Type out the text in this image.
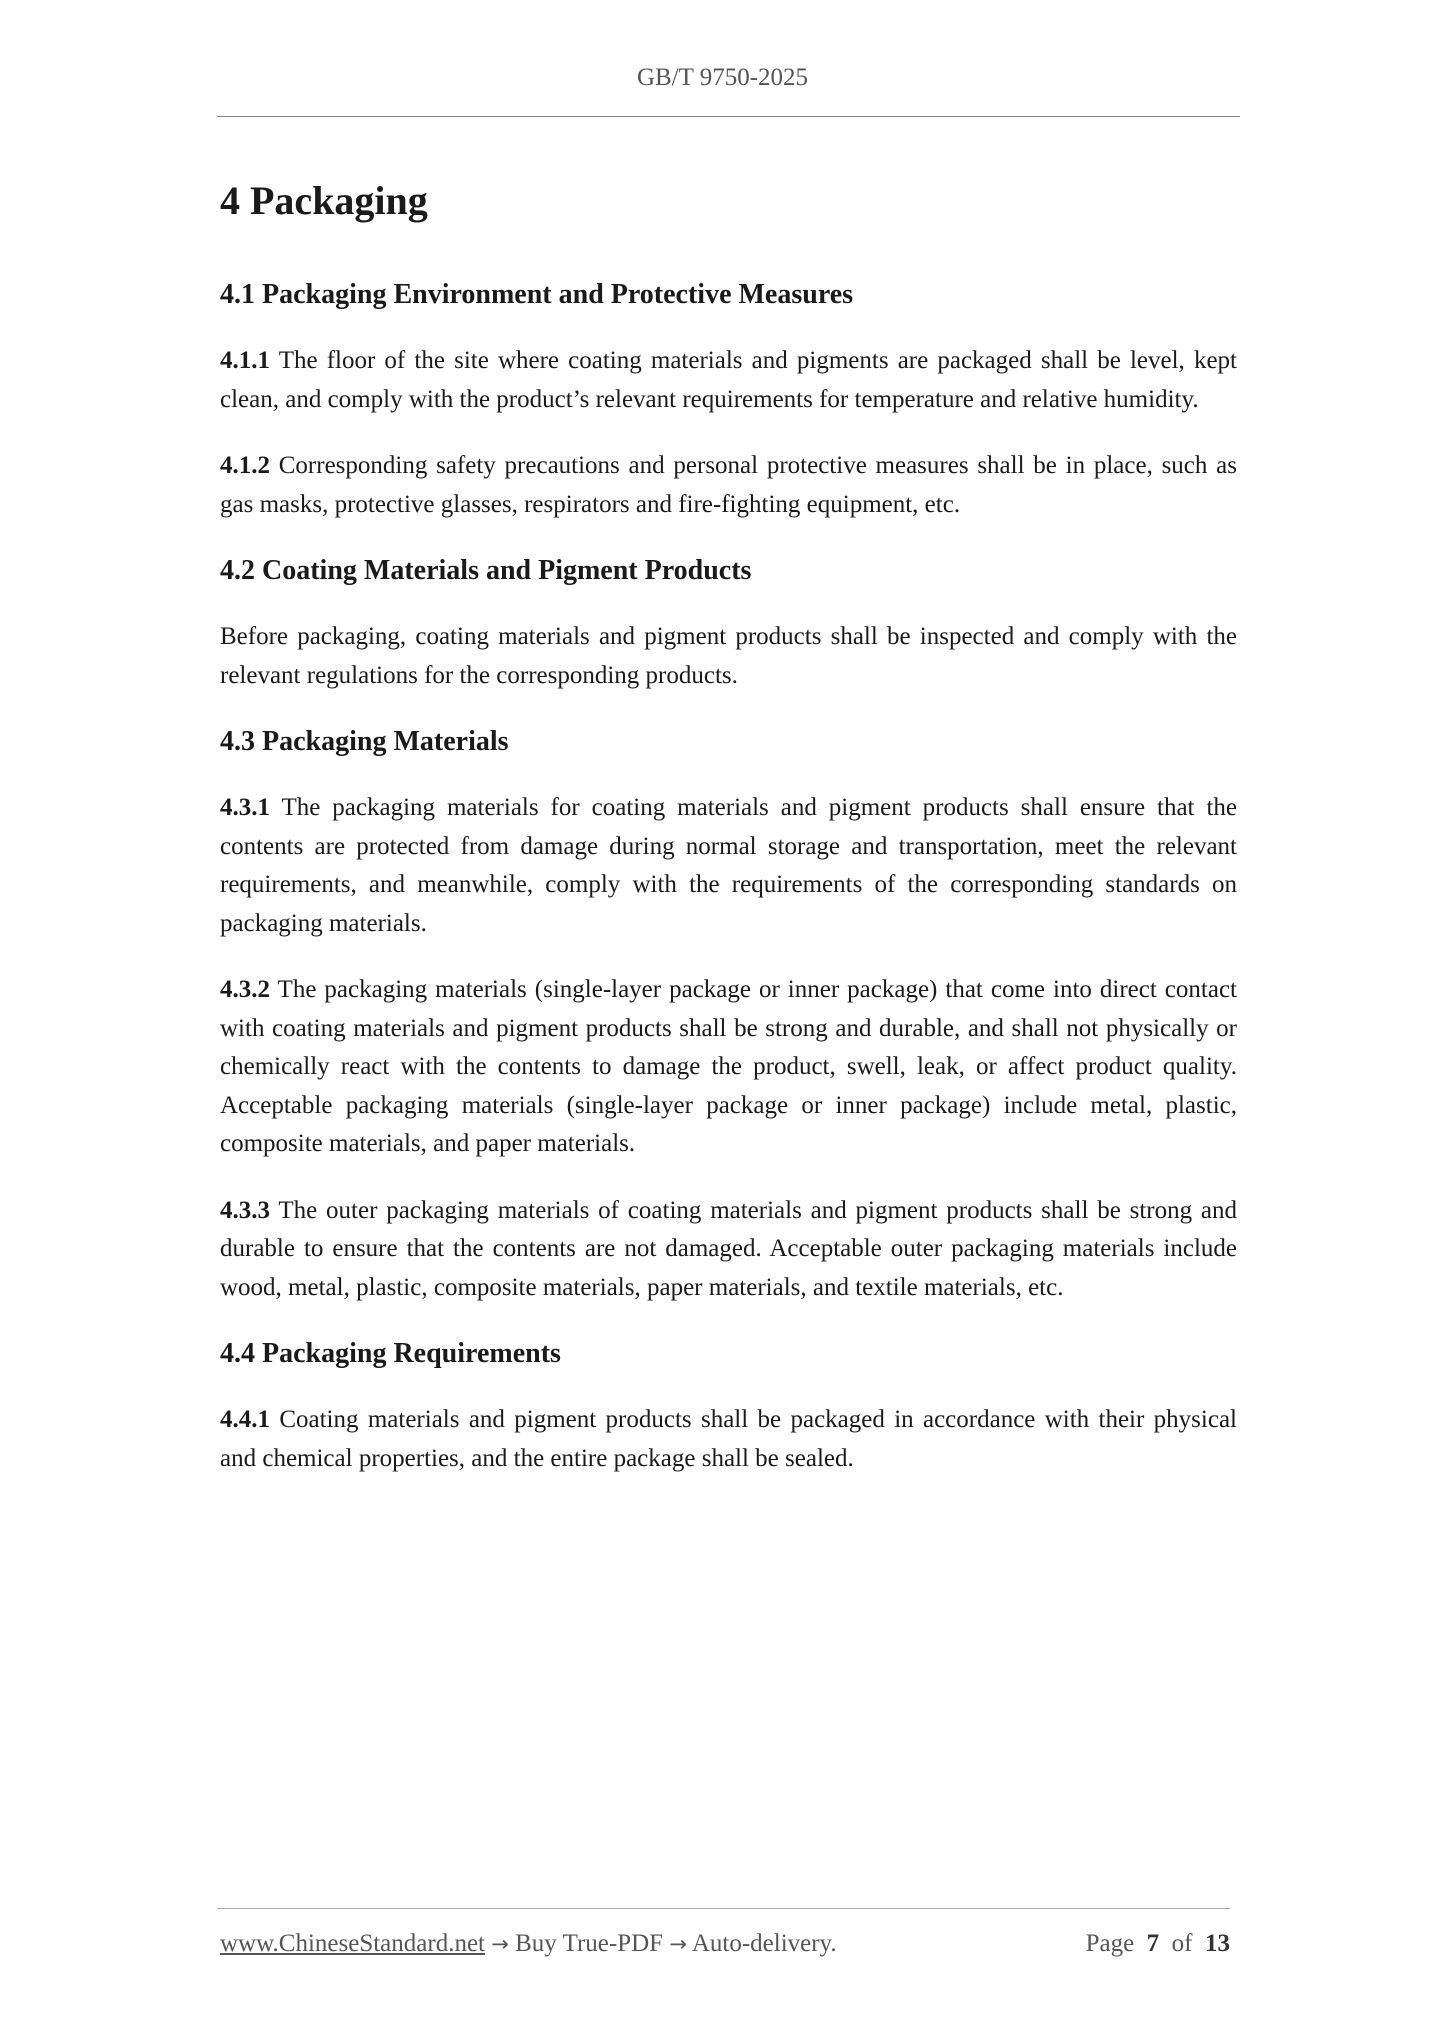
GB/T 9750-2025
4 Packaging
4.1 Packaging Environment and Protective Measures

4.1.1 The floor of the site where coating materials and pigments are packaged shall be level, kept clean, and comply with the product’s relevant requirements for temperature and relative humidity.

4.1.2 Corresponding safety precautions and personal protective measures shall be in place, such as gas masks, protective glasses, respirators and fire-fighting equipment, etc.

4.2 Coating Materials and Pigment Products

Before packaging, coating materials and pigment products shall be inspected and comply with the relevant regulations for the corresponding products.

4.3 Packaging Materials

4.3.1 The packaging materials for coating materials and pigment products shall ensure that the contents are protected from damage during normal storage and transportation, meet the relevant requirements, and meanwhile, comply with the requirements of the corresponding standards on packaging materials.

4.3.2 The packaging materials (single-layer package or inner package) that come into direct contact with coating materials and pigment products shall be strong and durable, and shall not physically or chemically react with the contents to damage the product, swell, leak, or affect product quality. Acceptable packaging materials (single-layer package or inner package) include metal, plastic, composite materials, and paper materials.

4.3.3 The outer packaging materials of coating materials and pigment products shall be strong and durable to ensure that the contents are not damaged. Acceptable outer packaging materials include wood, metal, plastic, composite materials, paper materials, and textile materials, etc.

4.4 Packaging Requirements

4.4.1 Coating materials and pigment products shall be packaged in accordance with their physical and chemical properties, and the entire package shall be sealed.

www.ChineseStandard.net → Buy True-PDF → Auto-delivery.	Page 7 of 13
